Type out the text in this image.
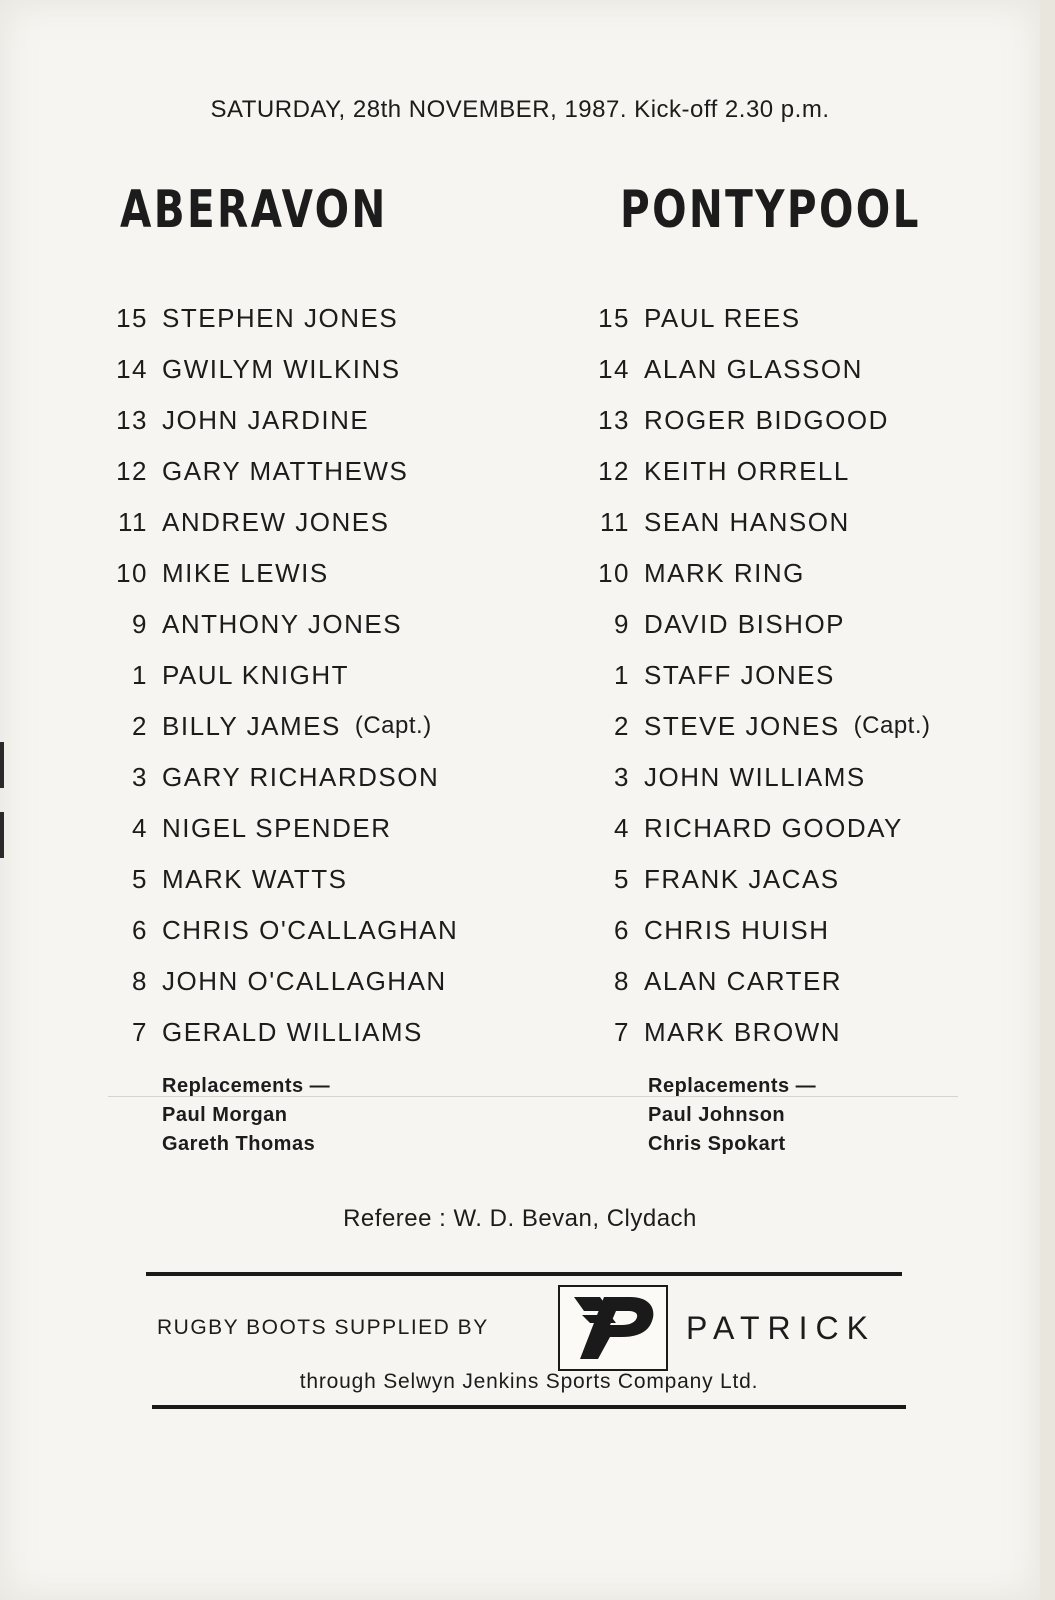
SATURDAY, 28th NOVEMBER, 1987. Kick-off 2.30 p.m.
ABERAVON	PONTYPOOL
15 STEPHEN JONES
14 GWILYM WILKINS
13 JOHN JARDINE
12 GARY MATTHEWS
11 ANDREW JONES
10 MIKE LEWIS
9 ANTHONY JONES
1 PAUL KNIGHT
2 BILLY JAMES (Capt.)
3 GARY RICHARDSON
4 NIGEL SPENDER
5 MARK WATTS
6 CHRIS O'CALLAGHAN
8 JOHN O'CALLAGHAN
7 GERALD WILLIAMS
15 PAUL REES
14 ALAN GLASSON
13 ROGER BIDGOOD
12 KEITH ORRELL
11 SEAN HANSON
10 MARK RING
9 DAVID BISHOP
1 STAFF JONES
2 STEVE JONES (Capt.)
3 JOHN WILLIAMS
4 RICHARD GOODAY
5 FRANK JACAS
6 CHRIS HUISH
8 ALAN CARTER
7 MARK BROWN
Replacements —
Paul Morgan
Gareth Thomas
Replacements —
Paul Johnson
Chris Spokart
Referee : W. D. Bevan, Clydach
RUGBY BOOTS SUPPLIED BY	PATRICK
through Selwyn Jenkins Sports Company Ltd.
